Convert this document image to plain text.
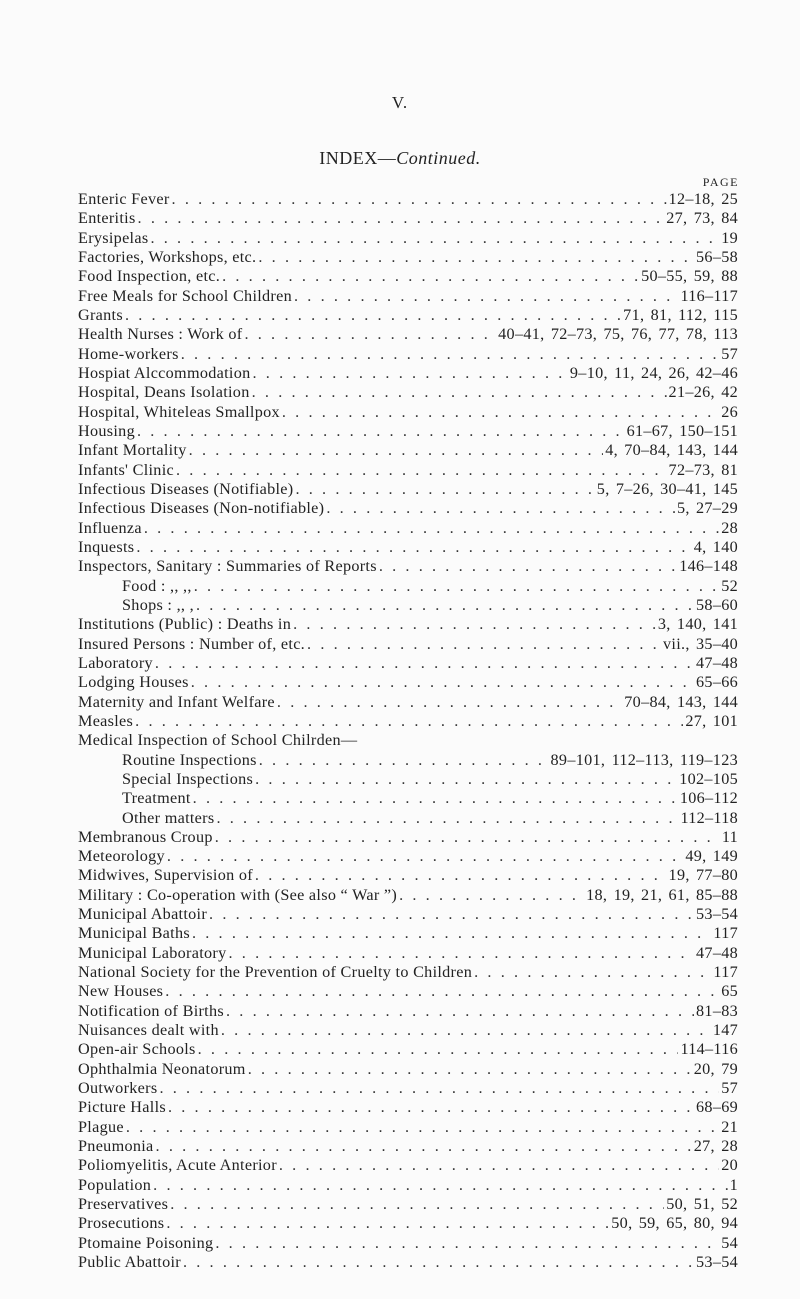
V.
INDEX—Continued.
PAGE
Enteric Fever . . .	12–18, 25
Enteritis . . .	27, 73, 84
Erysipelas . . .	19
Factories, Workshops, etc. . . .	56–58
Food Inspection, etc. . . .	50–55, 59, 88
Free Meals for School Children . . .	116–117
Grants . . .	71, 81, 112, 115
Health Nurses : Work of . . .	40–41, 72–73, 75, 76, 77, 78, 113
Home-workers . . .	57
Hospiat Alccommodation . . .	9–10, 11, 24, 26, 42–46
Hospital, Deans Isolation . . .	21–26, 42
Hospital, Whiteleas Smallpox . . .	26
Housing . . .	61–67, 150–151
Infant Mortality . . .	4, 70–84, 143, 144
Infants' Clinic . . .	72–73, 81
Infectious Diseases (Notifiable) . . .	5, 7–26, 30–41, 145
Infectious Diseases (Non-notifiable) . . .	5, 27–29
Influenza . . .	28
Inquests . . .	4, 140
Inspectors, Sanitary : Summaries of Reports . . .	146–148
Food : ,, ,, . . .	52
Shops : ,, , . . .	58–60
Institutions (Public) : Deaths in . . .	3, 140, 141
Insured Persons : Number of, etc. . . .	vii., 35–40
Laboratory . . .	47–48
Lodging Houses . . .	65–66
Maternity and Infant Welfare . . .	70–84, 143, 144
Measles . . .	27, 101
Medical Inspection of School Chilrden—
Routine Inspections . . .	89–101, 112–113, 119–123
Special Inspections . . .	102–105
Treatment . . .	106–112
Other matters . . .	112–118
Membranous Croup . . .	11
Meteorology . . .	49, 149
Midwives, Supervision of . . .	19, 77–80
Military : Co-operation with (See also “ War ”) . . .	18, 19, 21, 61, 85–88
Municipal Abattoir . . .	53–54
Municipal Baths . . .	117
Municipal Laboratory . . .	47–48
National Society for the Prevention of Cruelty to Children . . .	117
New Houses . . .	65
Notification of Births . . .	81–83
Nuisances dealt with . . .	147
Open-air Schools . . .	114–116
Ophthalmia Neonatorum . . .	20, 79
Outworkers . . .	57
Picture Halls . . .	68–69
Plague . . .	21
Pneumonia . . .	27, 28
Poliomyelitis, Acute Anterior . . .	20
Population . . .	1
Preservatives . . .	50, 51, 52
Prosecutions . . .	50, 59, 65, 80, 94
Ptomaine Poisoning . . .	54
Public Abattoir . . .	53–54
